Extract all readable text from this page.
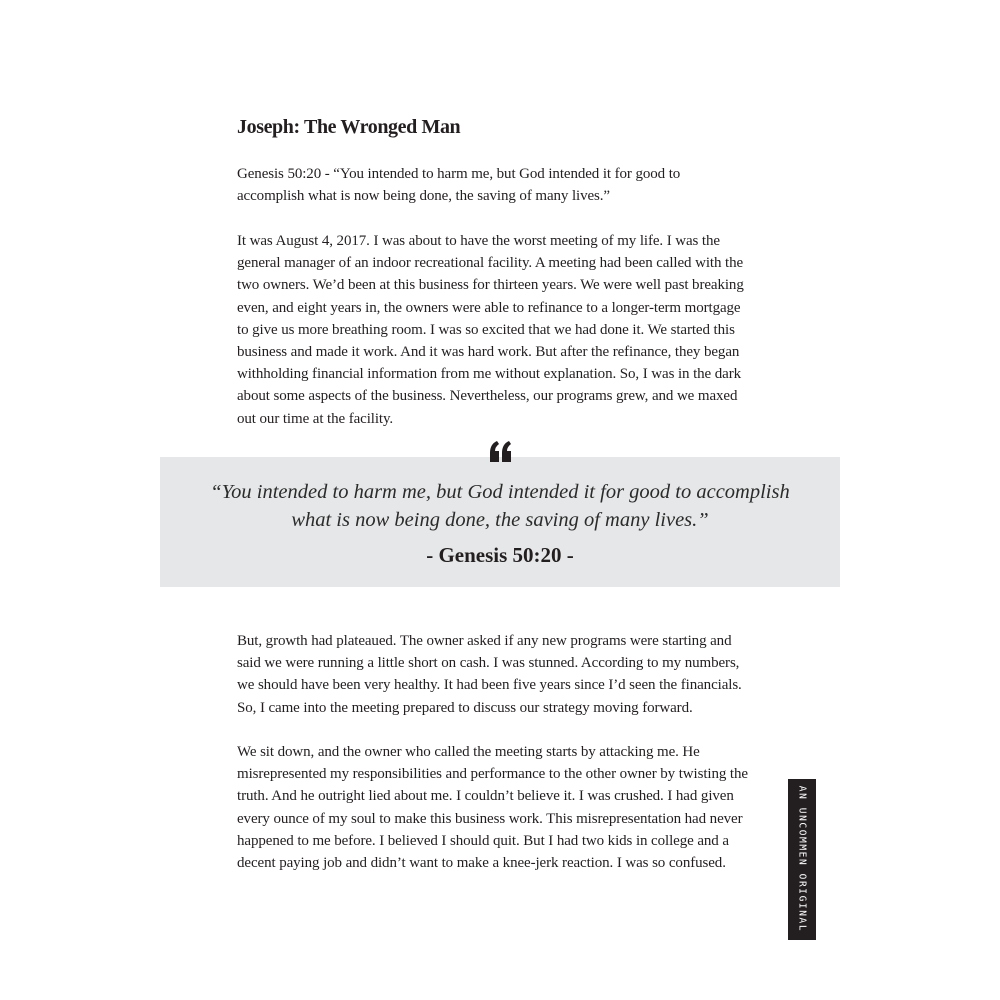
Joseph: The Wronged Man

Genesis 50:20 - “You intended to harm me, but God intended it for good to
accomplish what is now being done, the saving of many lives.”

It was August 4, 2017. I was about to have the worst meeting of my life. I was the
general manager of an indoor recreational facility. A meeting had been called with the
two owners. We’d been at this business for thirteen years. We were well past breaking
even, and eight years in, the owners were able to refinance to a longer-term mortgage
to give us more breathing room. I was so excited that we had done it. We started this
business and made it work. And it was hard work. But after the refinance, they began
withholding financial information from me without explanation. So, I was in the dark
about some aspects of the business. Nevertheless, our programs grew, and we maxed
out our time at the facility.

“You intended to harm me, but God intended it for good to accomplish
what is now being done, the saving of many lives.”

- Genesis 50:20 -

But, growth had plateaued. The owner asked if any new programs were starting and
said we were running a little short on cash. I was stunned. According to my numbers,
we should have been very healthy. It had been five years since I’d seen the financials.
So, I came into the meeting prepared to discuss our strategy moving forward.

We sit down, and the owner who called the meeting starts by attacking me. He
misrepresented my responsibilities and performance to the other owner by twisting the
truth. And he outright lied about me. I couldn’t believe it. I was crushed. I had given
every ounce of my soul to make this business work. This misrepresentation had never
happened to me before. I believed I should quit. But I had two kids in college and a
decent paying job and didn’t want to make a knee-jerk reaction. I was so confused.	AN UNCOMMEN ORIGINAL
